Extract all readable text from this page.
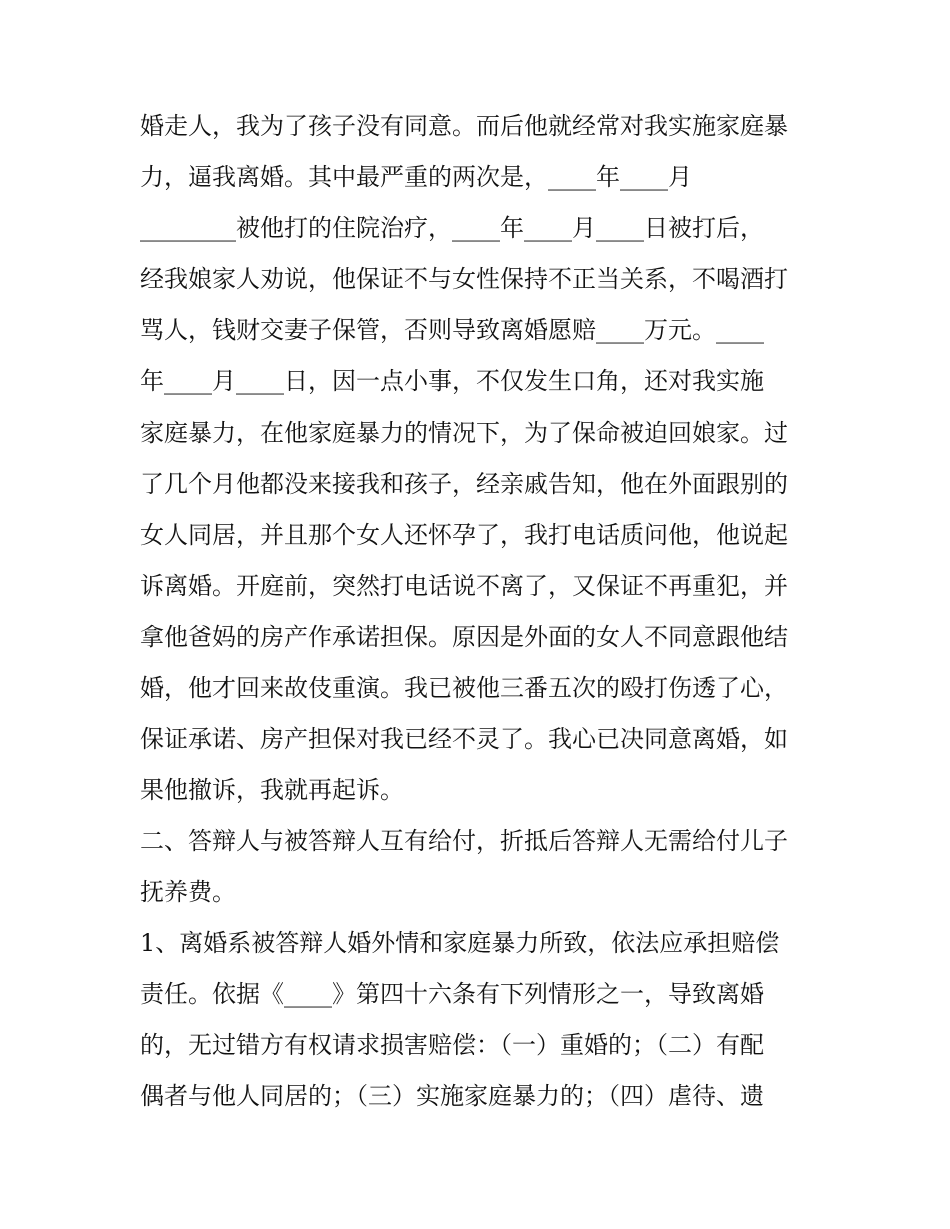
婚走人，我为了孩子没有同意。而后他就经常对我实施家庭暴
力，逼我离婚。其中最严重的两次是，____年____月
________被他打的住院治疗，____年____月____日被打后，
经我娘家人劝说，他保证不与女性保持不正当关系，不喝酒打
骂人，钱财交妻子保管，否则导致离婚愿赔____万元。____
年____月____日，因一点小事，不仅发生口角，还对我实施
家庭暴力，在他家庭暴力的情况下，为了保命被迫回娘家。过
了几个月他都没来接我和孩子，经亲戚告知，他在外面跟别的
女人同居，并且那个女人还怀孕了，我打电话质问他，他说起
诉离婚。开庭前，突然打电话说不离了，又保证不再重犯，并
拿他爸妈的房产作承诺担保。原因是外面的女人不同意跟他结
婚，他才回来故伎重演。我已被他三番五次的殴打伤透了心，
保证承诺、房产担保对我已经不灵了。我心已决同意离婚，如
果他撤诉，我就再起诉。
二、答辩人与被答辩人互有给付，折抵后答辩人无需给付儿子
抚养费。
1、离婚系被答辩人婚外情和家庭暴力所致，依法应承担赔偿
责任。依据《____》第四十六条有下列情形之一，导致离婚
的，无过错方有权请求损害赔偿：（一）重婚的；（二）有配
偶者与他人同居的；（三）实施家庭暴力的；（四）虐待、遗
